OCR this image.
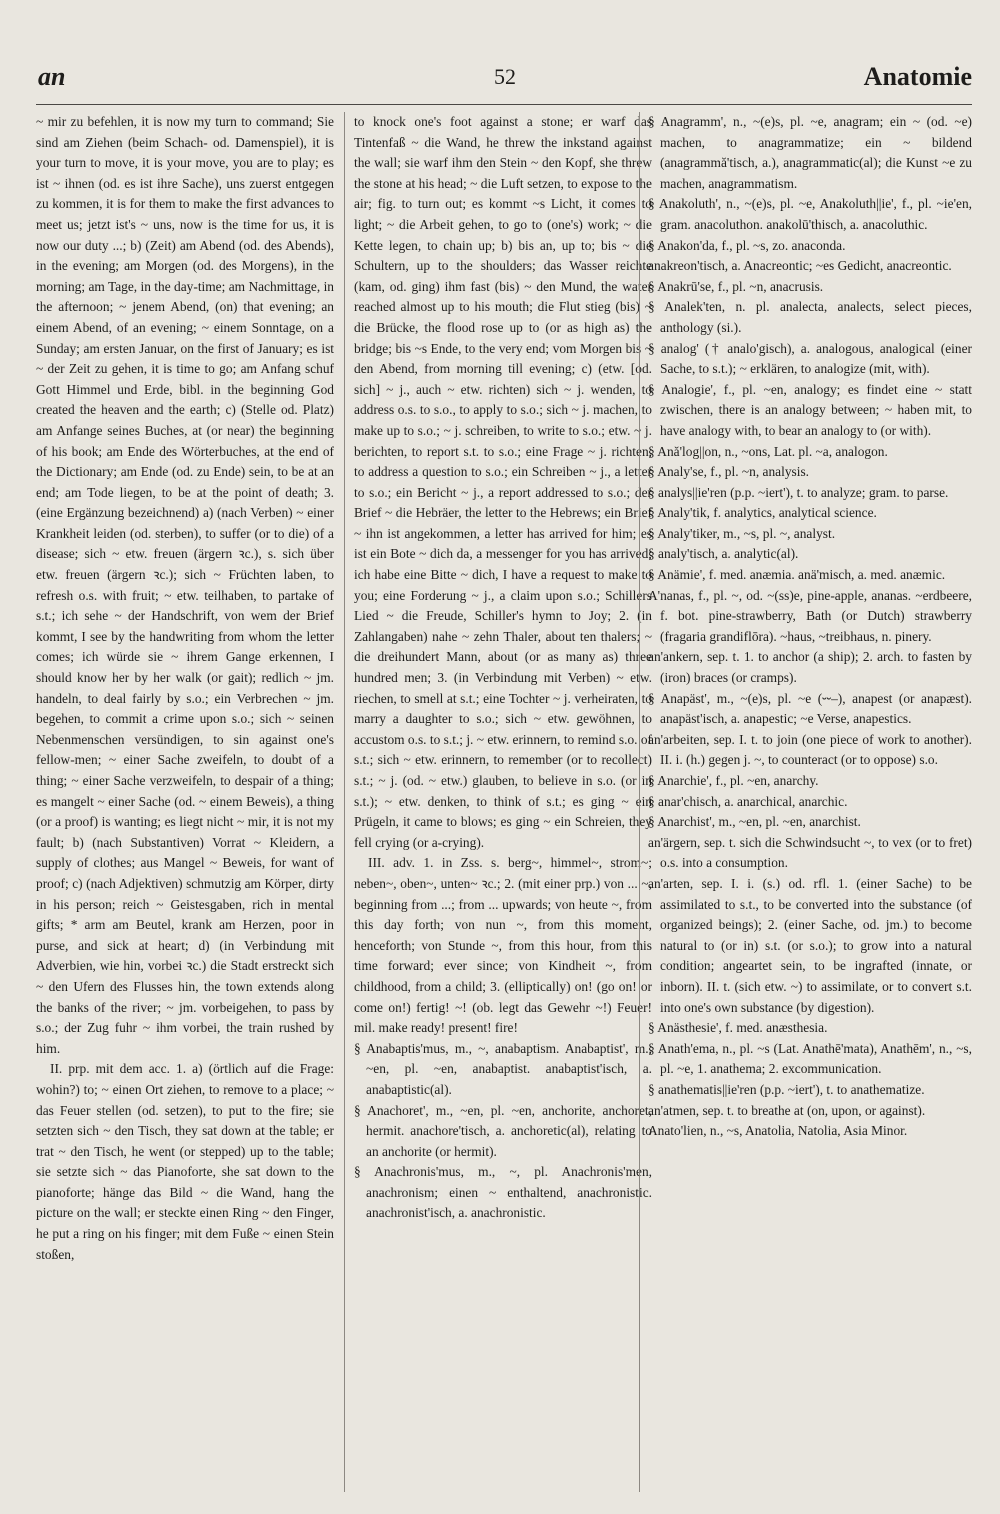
an	52	Anatomie

~ mir zu befehlen, it is now my turn to command; Sie sind am Ziehen (beim Schach- od. Damenspiel), it is your turn to move, it is your move, you are to play; es ist ~ ihnen (od. es ist ihre Sache), uns zuerst entgegen zu kommen, it is for them to make the first advances to meet us; jetzt ist's ~ uns, now is the time for us, it is now our duty ...; b) (Zeit) am Abend (od. des Abends), in the evening; am Morgen (od. des Morgens), in the morning; am Tage, in the day-time; am Nachmittage, in the afternoon; ~ jenem Abend, (on) that evening; an einem Abend, of an evening; ~ einem Sonntage, on a Sunday; am ersten Januar, on the first of January; es ist ~ der Zeit zu gehen, it is time to go; am Anfang schuf Gott Himmel und Erde, bibl. in the beginning God created the heaven and the earth; c) (Stelle od. Platz) am Anfange seines Buches, at (or near) the beginning of his book; am Ende des Wörterbuches, at the end of the Dictionary; am Ende (od. zu Ende) sein, to be at an end; am Tode liegen, to be at the point of death; 3. (eine Ergänzung bezeichnend) a) (nach Verben) ~ einer Krankheit leiden (od. sterben), to suffer (or to die) of a disease; sich ~ etw. freuen (ärgern ꝛc.), s. sich über etw. freuen (ärgern ꝛc.); sich ~ Früchten laben, to refresh o.s. with fruit; ~ etw. teilhaben, to partake of s.t.; ich sehe ~ der Handschrift, von wem der Brief kommt, I see by the handwriting from whom the letter comes; ich würde sie ~ ihrem Gange erkennen, I should know her by her walk (or gait); redlich ~ jm. handeln, to deal fairly by s.o.; ein Verbrechen ~ jm. begehen, to commit a crime upon s.o.; sich ~ seinen Nebenmenschen versündigen, to sin against one's fellow-men; ~ einer Sache zweifeln, to doubt of a thing; ~ einer Sache verzweifeln, to despair of a thing; es mangelt ~ einer Sache (od. ~ einem Beweis), a thing (or a proof) is wanting; es liegt nicht ~ mir, it is not my fault; b) (nach Substantiven) Vorrat ~ Kleidern, a supply of clothes; aus Mangel ~ Beweis, for want of proof; c) (nach Adjektiven) schmutzig am Körper, dirty in his person; reich ~ Geistesgaben, rich in mental gifts; * arm am Beutel, krank am Herzen, poor in purse, and sick at heart; d) (in Verbindung mit Adverbien, wie hin, vorbei ꝛc.) die Stadt erstreckt sich ~ den Ufern des Flusses hin, the town extends along the banks of the river; ~ jm. vorbeigehen, to pass by s.o.; der Zug fuhr ~ ihm vorbei, the train rushed by him.

II. prp. mit dem acc. 1. a) (örtlich auf die Frage: wohin?) to; ~ einen Ort ziehen, to remove to a place; ~ das Feuer stellen (od. setzen), to put to the fire; sie setzten sich ~ den Tisch, they sat down at the table; er trat ~ den Tisch, he went (or stepped) up to the table; sie setzte sich ~ das Pianoforte, she sat down to the pianoforte; hänge das Bild ~ die Wand, hang the picture on the wall; er steckte einen Ring ~ den Finger, he put a ring on his finger; mit dem Fuße ~ einen Stein stoßen,

to knock one's foot against a stone; er warf das Tintenfaß ~ die Wand, he threw the inkstand against the wall; sie warf ihm den Stein ~ den Kopf, she threw the stone at his head; ~ die Luft setzen, to expose to the air; fig. to turn out; es kommt ~s Licht, it comes to light; ~ die Arbeit gehen, to go to (one's) work; ~ die Kette legen, to chain up; b) bis an, up to; bis ~ die Schultern, up to the shoulders; das Wasser reichte (kam, od. ging) ihm fast (bis) ~ den Mund, the water reached almost up to his mouth; die Flut stieg (bis) ~ die Brücke, the flood rose up to (or as high as) the bridge; bis ~s Ende, to the very end; vom Morgen bis ~ den Abend, from morning till evening; c) (etw. [od. sich] ~ j., auch ~ etw. richten) sich ~ j. wenden, to address o.s. to s.o., to apply to s.o.; sich ~ j. machen, to make up to s.o.; ~ j. schreiben, to write to s.o.; etw. ~ j. berichten, to report s.t. to s.o.; eine Frage ~ j. richten, to address a question to s.o.; ein Schreiben ~ j., a letter to s.o.; ein Bericht ~ j., a report addressed to s.o.; der Brief ~ die Hebräer, the letter to the Hebrews; ein Brief ~ ihn ist angekommen, a letter has arrived for him; es ist ein Bote ~ dich da, a messenger for you has arrived; ich habe eine Bitte ~ dich, I have a request to make to you; eine Forderung ~ j., a claim upon s.o.; Schillers Lied ~ die Freude, Schiller's hymn to Joy; 2. (in Zahlangaben) nahe ~ zehn Thaler, about ten thalers; ~ die dreihundert Mann, about (or as many as) three hundred men; 3. (in Verbindung mit Verben) ~ etw. riechen, to smell at s.t.; eine Tochter ~ j. verheiraten, to marry a daughter to s.o.; sich ~ etw. gewöhnen, to accustom o.s. to s.t.; j. ~ etw. erinnern, to remind s.o. of s.t.; sich ~ etw. erinnern, to remember (or to recollect) s.t.; ~ j. (od. ~ etw.) glauben, to believe in s.o. (or in s.t.); ~ etw. denken, to think of s.t.; es ging ~ ein Prügeln, it came to blows; es ging ~ ein Schreien, they fell crying (or a-crying).

III. adv. 1. in Zss. s. berg~, himmel~, strom~; neben~, oben~, unten~ ꝛc.; 2. (mit einer prp.) von ... ~, beginning from ...; from ... upwards; von heute ~, from this day forth; von nun ~, from this moment, henceforth; von Stunde ~, from this hour, from this time forward; ever since; von Kindheit ~, from childhood, from a child; 3. (elliptically) on! (go on! or come on!) fertig! ~! (ob. legt das Gewehr ~!) Feuer! mil. make ready! present! fire!

§ Anabaptis'mus, m., ~, anabaptism. Anabaptist', m., ~en, pl. ~en, anabaptist. anabaptist'isch, a. anabaptistic(al).

§ Anachoret', m., ~en, pl. ~en, anchorite, anchoret, hermit. anachore'tisch, a. anchoretic(al), relating to an anchorite (or hermit).

§ Anachronis'mus, m., ~, pl. Anachronis'men, anachronism; einen ~ enthaltend, anachronistic. anachronist'isch, a. anachronistic.

§ Anagramm', n., ~(e)s, pl. ~e, anagram; ein ~ (od. ~e) machen, to anagrammatize; ein ~ bildend (anagrammă'tisch, a.), anagrammatic(al); die Kunst ~e zu machen, anagrammatism.

§ Anakoluth', n., ~(e)s, pl. ~e, Anakoluth||ie', f., pl. ~ie'en, gram. anacoluthon. anakolū'thisch, a. anacoluthic.

§ Anakon'da, f., pl. ~s, zo. anaconda.

anakreon'tisch, a. Anacreontic; ~es Gedicht, anacreontic.

§ Anakrū'se, f., pl. ~n, anacrusis.

§ Analek'ten, n. pl. analecta, analects, select pieces, anthology (si.).

§ analog' († analo'gisch), a. analogous, analogical (einer Sache, to s.t.); ~ erklären, to analogize (mit, with).

§ Analogie', f., pl. ~en, analogy; es findet eine ~ statt zwischen, there is an analogy between; ~ haben mit, to have analogy with, to bear an analogy to (or with).

§ Ană'log||on, n., ~ons, Lat. pl. ~a, analogon.

§ Analy'se, f., pl. ~n, analysis.

§ analys||ie'ren (p.p. ~iert'), t. to analyze; gram. to parse.

§ Analy'tik, f. analytics, analytical science.

§ Analy'tiker, m., ~s, pl. ~, analyst.

§ analy'tisch, a. analytic(al).

§ Anämie', f. med. anæmia. anä'misch, a. med. anæmic.

A'nanas, f., pl. ~, od. ~(ss)e, pine-apple, ananas. ~erdbeere, f. bot. pine-strawberry, Bath (or Dutch) strawberry (fragaria grandiflōra). ~haus, ~treibhaus, n. pinery.

an'ankern, sep. t. 1. to anchor (a ship); 2. arch. to fasten by (iron) braces (or cramps).

§ Anapäst', m., ~(e)s, pl. ~e (⏑⏑–), anapest (or anapæst). anapäst'isch, a. anapestic; ~e Verse, anapestics.

an'arbeiten, sep. I. t. to join (one piece of work to another). II. i. (h.) gegen j. ~, to counteract (or to oppose) s.o.

§ Anarchie', f., pl. ~en, anarchy.

§ anar'chisch, a. anarchical, anarchic.

§ Anarchist', m., ~en, pl. ~en, anarchist.

an'ärgern, sep. t. sich die Schwindsucht ~, to vex (or to fret) o.s. into a consumption.

an'arten, sep. I. i. (s.) od. rfl. 1. (einer Sache) to be assimilated to s.t., to be converted into the substance (of organized beings); 2. (einer Sache, od. jm.) to become natural to (or in) s.t. (or s.o.); to grow into a natural condition; angeartet sein, to be ingrafted (innate, or inborn). II. t. (sich etw. ~) to assimilate, or to convert s.t. into one's own substance (by digestion).

§ Anästhesie', f. med. anæsthesia.

§ Anath'ema, n., pl. ~s (Lat. Anathē'mata), Anathēm', n., ~s, pl. ~e, 1. anathema; 2. excommunication.

§ anathematis||ie'ren (p.p. ~iert'), t. to anathematize.

an'atmen, sep. t. to breathe at (on, upon, or against).

Anato'lien, n., ~s, Anatolia, Natolia, Asia Minor.
